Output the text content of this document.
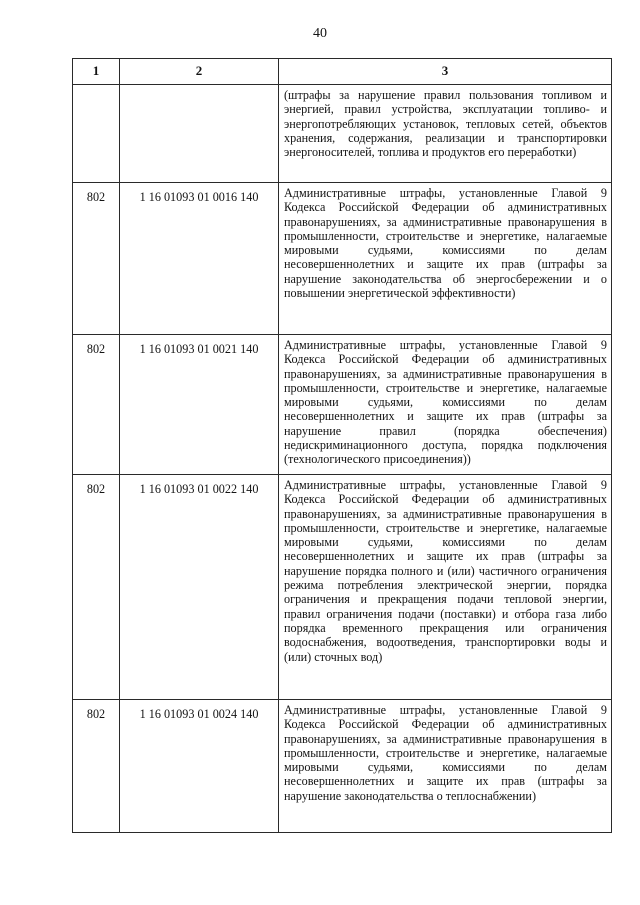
40
1	2	3
		(штрафы за нарушение правил пользования топливом и энергией, правил устройства, эксплуатации топливо- и энергопотребляющих установок, тепловых сетей, объектов хранения, содержания, реализации и транспортировки энергоносителей, топлива и продуктов его переработки)
802	1 16 01093 01 0016 140	Административные штрафы, установленные Главой 9 Кодекса Российской Федерации об административных правонарушениях, за административные правонарушения в промышленности, строительстве и энергетике, налагаемые мировыми судьями, комиссиями по делам несовершеннолетних и защите их прав (штрафы за нарушение законодательства об энергосбережении и о повышении энергетической эффективности)
802	1 16 01093 01 0021 140	Административные штрафы, установленные Главой 9 Кодекса Российской Федерации об административных правонарушениях, за административные правонарушения в промышленности, строительстве и энергетике, налагаемые мировыми судьями, комиссиями по делам несовершеннолетних и защите их прав (штрафы за нарушение правил (порядка обеспечения) недискриминационного доступа, порядка подключения (технологического присоединения))
802	1 16 01093 01 0022 140	Административные штрафы, установленные Главой 9 Кодекса Российской Федерации об административных правонарушениях, за административные правонарушения в промышленности, строительстве и энергетике, налагаемые мировыми судьями, комиссиями по делам несовершеннолетних и защите их прав (штрафы за нарушение порядка полного и (или) частичного ограничения режима потребления электрической энергии, порядка ограничения и прекращения подачи тепловой энергии, правил ограничения подачи (поставки) и отбора газа либо порядка временного прекращения или ограничения водоснабжения, водоотведения, транспортировки воды и (или) сточных вод)
802	1 16 01093 01 0024 140	Административные штрафы, установленные Главой 9 Кодекса Российской Федерации об административных правонарушениях, за административные правонарушения в промышленности, строительстве и энергетике, налагаемые мировыми судьями, комиссиями по делам несовершеннолетних и защите их прав (штрафы за нарушение законодательства о теплоснабжении)
